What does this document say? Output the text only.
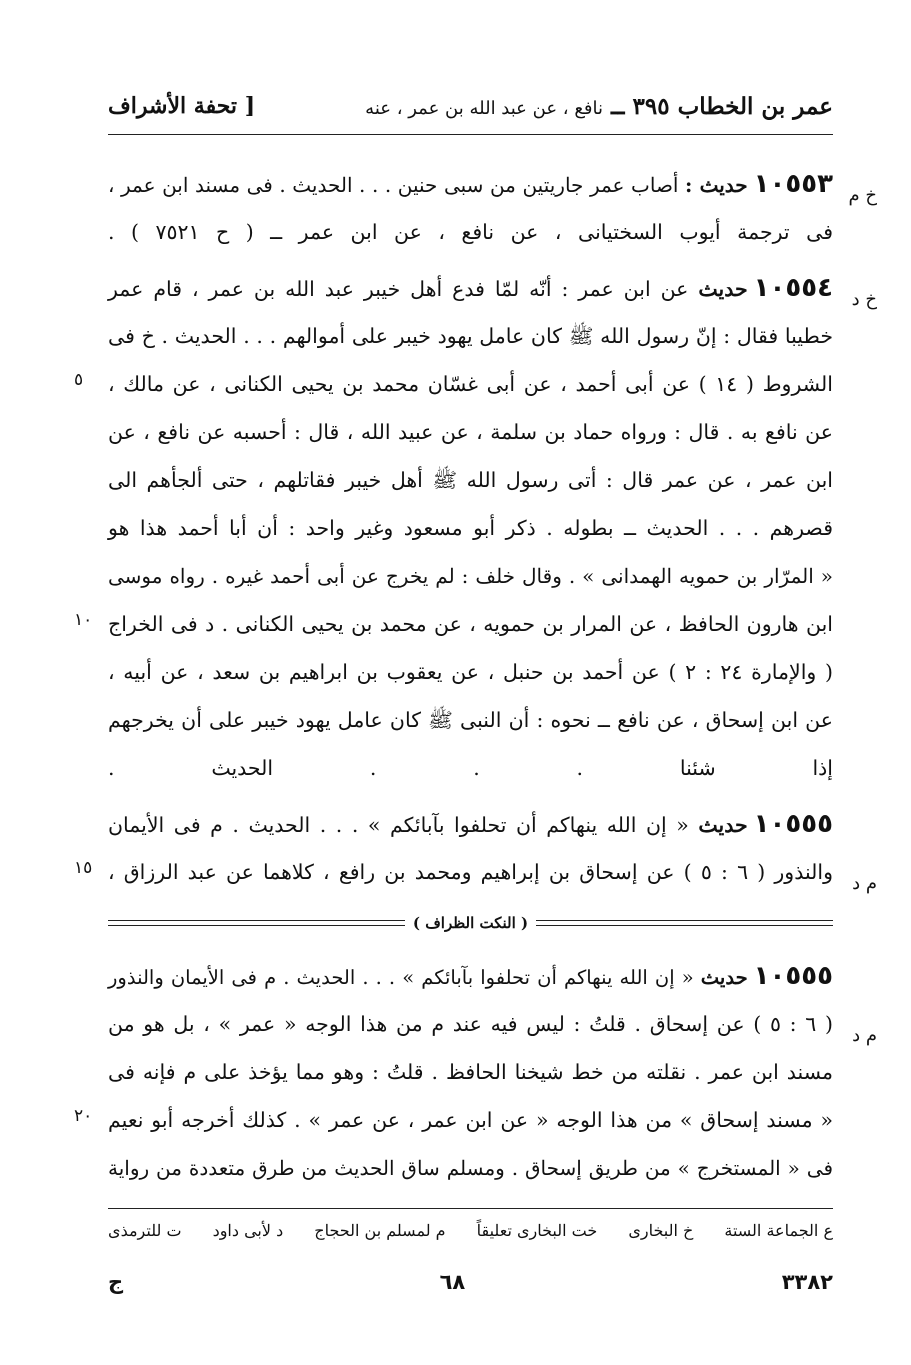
عمر بن الخطاب ٣٩٥ ــ نافع ، عن عبد الله بن عمر ، عنه
[ تحفة الأشراف
١٠٥٥٣حديث : أصاب عمر جاريتين من سبى حنين . . . الحديث . فى مسند ابن عمر ،	خ م
فى ترجمة أيوب السختيانى ، عن نافع ، عن ابن عمر ــ ( ح ٧٥٢١ ) .
١٠٥٥٤حديث عن ابن عمر : أنّه لمّا فدع أهل خيبر عبد الله بن عمر ، قام عمر	خ د
خطيبا فقال : إنّ رسول الله ﷺ كان عامل يهود خيبر على أموالهم . . . الحديث . خ فى
الشروط ( ١٤ ) عن أبى أحمد ، عن أبى غسّان محمد بن يحيى الكنانى ، عن مالك ،
٥
عن نافع به . قال : ورواه حماد بن سلمة ، عن عبيد الله ، قال : أحسبه عن نافع ، عن
ابن عمر ، عن عمر قال : أتى رسول الله ﷺ أهل خيبر فقاتلهم ، حتى ألجأهم الى
قصرهم . . . الحديث ــ بطوله . ذكر أبو مسعود وغير واحد : أن أبا أحمد هذا هو
« المرّار بن حمويه الهمدانى » . وقال خلف : لم يخرج عن أبى أحمد غيره . رواه موسى
ابن هارون الحافظ ، عن المرار بن حمويه ، عن محمد بن يحيى الكنانى . د فى الخراج
١٠
( والإمارة ٢٤ : ٢ ) عن أحمد بن حنبل ، عن يعقوب بن ابراهيم بن سعد ، عن أبيه ،
عن ابن إسحاق ، عن نافع ــ نحوه : أن النبى ﷺ كان عامل يهود خيبر على أن يخرجهم
إذا شئنا . . . الحديث .
١٠٥٥٥حديث « إن الله ينهاكم أن تحلفوا بآبائكم » . . . الحديث . م فى الأيمان
والنذور ( ٦ : ٥ ) عن إسحاق بن إبراهيم ومحمد بن رافع ، كلاهما عن عبد الرزاق ، م د
١٥
( النكت الظراف )
١٠٥٥٥حديث « إن الله ينهاكم أن تحلفوا بآبائكم » . . . الحديث . م فى الأيمان والنذور
( ٦ : ٥ ) عن إسحاق . قلتُ : ليس فيه عند م من هذا الوجه « عمر » ، بل هو من م د
مسند ابن عمر . نقلته من خط شيخنا الحافظ . قلتُ : وهو مما يؤخذ على م فإنه فى
« مسند إسحاق » من هذا الوجه « عن ابن عمر ، عن عمر » . كذلك أخرجه أبو نعيم
٢٠
فى « المستخرج » من طريق إسحاق . ومسلم ساق الحديث من طرق متعددة من رواية
ع الجماعة الستة
خ البخارى
خت البخارى تعليقاً
م لمسلم بن الحجاج
د لأبى داود
ت للترمذى
٣٣٨٢
٦٨
ج
